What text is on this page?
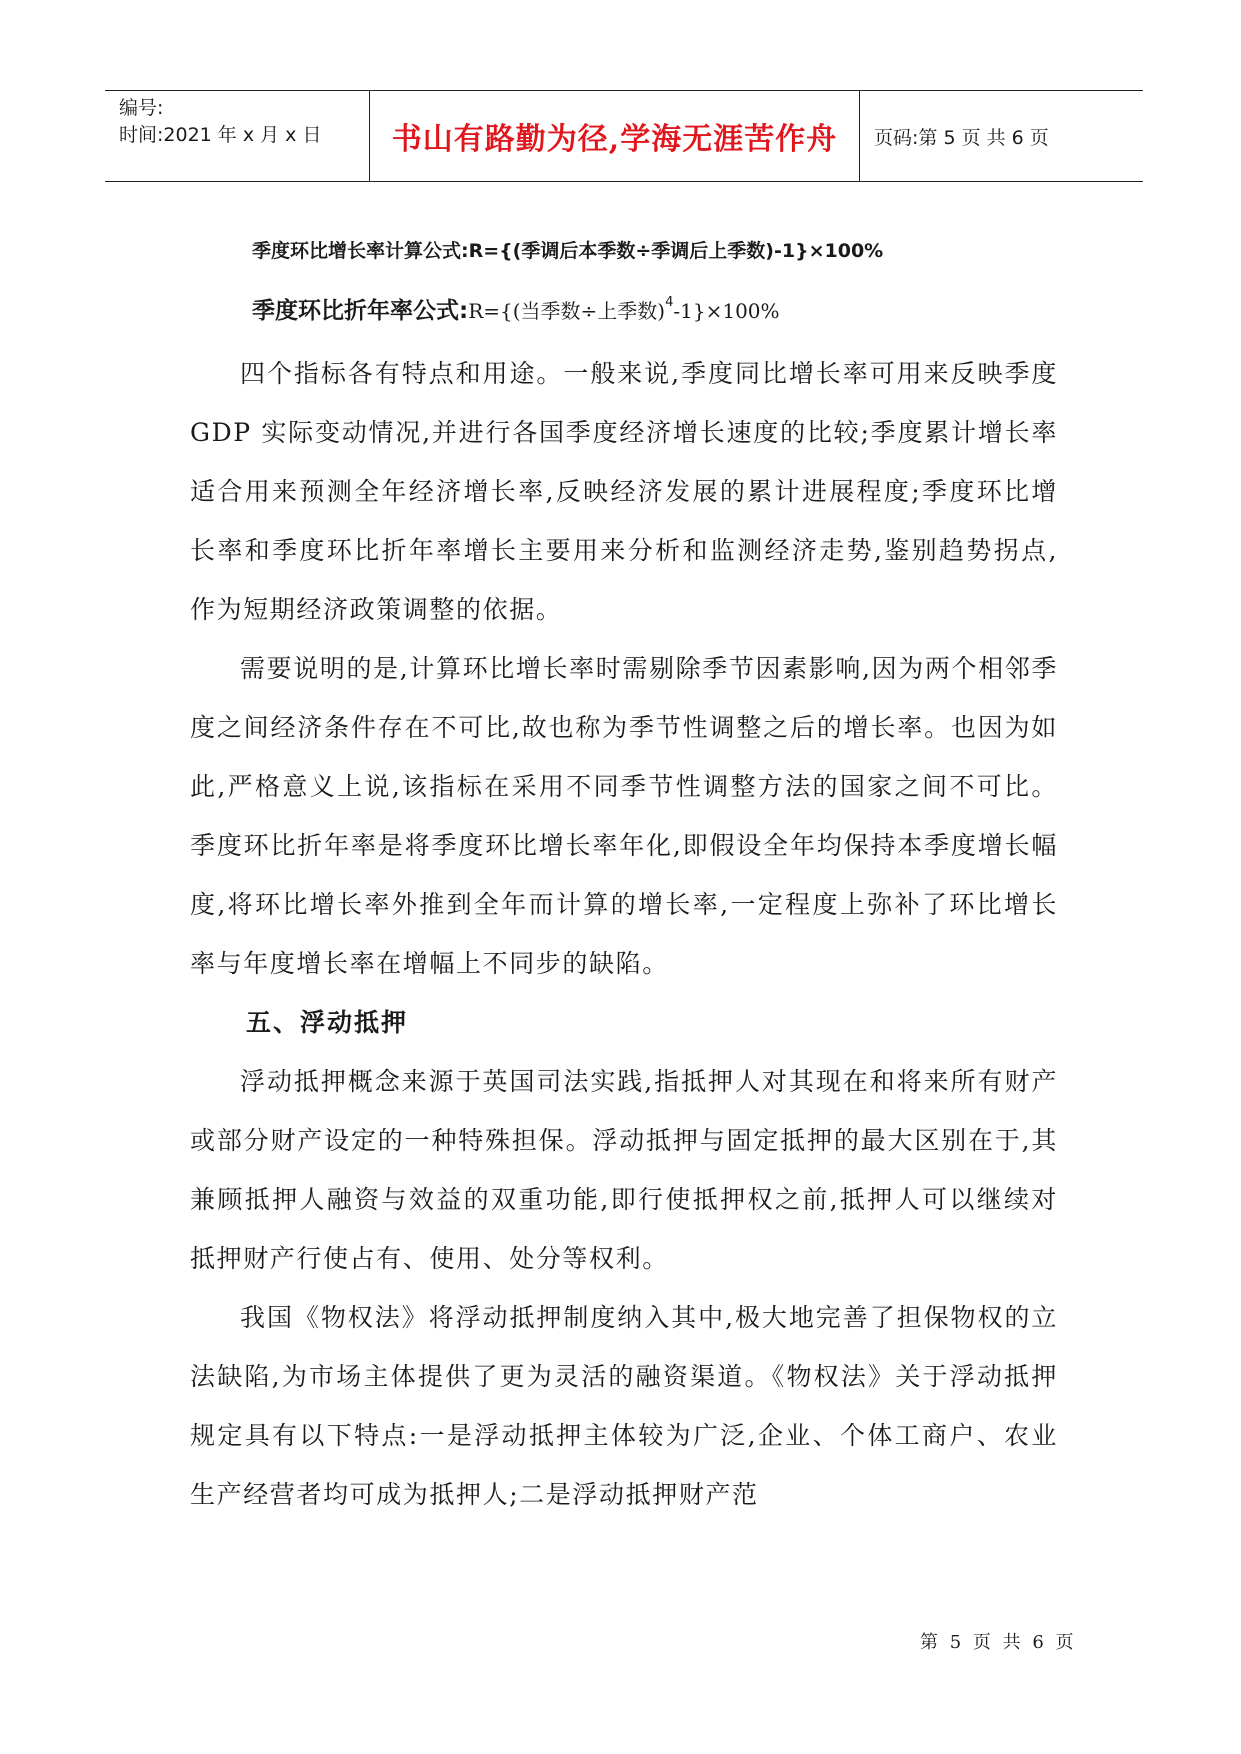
编号:
时间:2021 年 x 月 x 日	书山有路勤为径,学海无涯苦作舟	页码:第 5 页 共 6 页
季度环比增长率计算公式:R={(季调后本季数÷季调后上季数)-1}×100%
季度环比折年率公式:R={(当季数÷上季数)$^4$-1}×100%

四个指标各有特点和用途。一般来说,季度同比增长率可用来反映季度 GDP 实际变动情况,并进行各国季度经济增长速度的比较;季度累计增长率适合用来预测全年经济增长率,反映经济发展的累计进展程度;季度环比增长率和季度环比折年率增长主要用来分析和监测经济走势,鉴别趋势拐点,作为短期经济政策调整的依据。

需要说明的是,计算环比增长率时需剔除季节因素影响,因为两个相邻季度之间经济条件存在不可比,故也称为季节性调整之后的增长率。也因为如此,严格意义上说,该指标在采用不同季节性调整方法的国家之间不可比。季度环比折年率是将季度环比增长率年化,即假设全年均保持本季度增长幅度,将环比增长率外推到全年而计算的增长率,一定程度上弥补了环比增长率与年度增长率在增幅上不同步的缺陷。

五、浮动抵押

浮动抵押概念来源于英国司法实践,指抵押人对其现在和将来所有财产或部分财产设定的一种特殊担保。浮动抵押与固定抵押的最大区别在于,其兼顾抵押人融资与效益的双重功能,即行使抵押权之前,抵押人可以继续对抵押财产行使占有、使用、处分等权利。

我国《物权法》将浮动抵押制度纳入其中,极大地完善了担保物权的立法缺陷,为市场主体提供了更为灵活的融资渠道。《物权法》关于浮动抵押规定具有以下特点:一是浮动抵押主体较为广泛,企业、个体工商户、农业生产经营者均可成为抵押人;二是浮动抵押财产范

第 5 页 共 6 页
